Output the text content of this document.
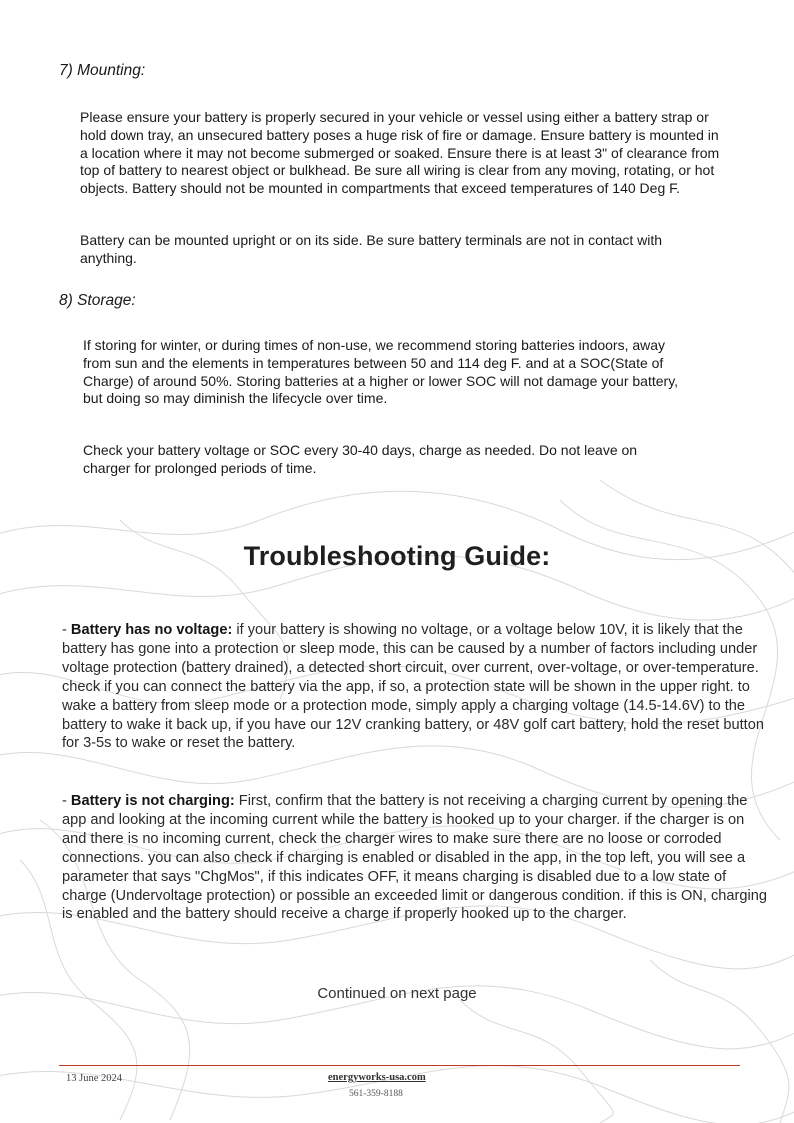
7) Mounting:
Please ensure your battery is properly secured in your vehicle or vessel using either a battery strap or hold down tray, an unsecured battery poses a huge risk of fire or damage. Ensure battery is mounted in a location where it may not become submerged or soaked. Ensure there is at least 3" of clearance from top of battery to nearest object or bulkhead. Be sure all wiring is clear from any moving, rotating, or hot objects. Battery should not be mounted in compartments that exceed temperatures of 140 Deg F.
Battery can be mounted upright or on its side. Be sure battery terminals are not in contact with anything.
8) Storage:
If storing for winter, or during times of non-use, we recommend storing batteries indoors, away from sun and the elements in temperatures between 50 and 114 deg F. and at a SOC(State of Charge) of around 50%. Storing batteries at a higher or lower SOC will not damage your battery, but doing so may diminish the lifecycle over time.
Check your battery voltage or SOC every 30-40 days, charge as needed. Do not leave on charger for prolonged periods of time.
Troubleshooting Guide:
- Battery has no voltage: if your battery is showing no voltage, or a voltage below 10V, it is likely that the battery has gone into a protection or sleep mode, this can be caused by a number of factors including under voltage protection (battery drained), a detected short circuit, over current, over-voltage, or over-temperature. check if you can connect the battery via the app, if so, a protection state will be shown in the upper right. to wake a battery from sleep mode or a protection mode, simply apply a charging voltage (14.5-14.6V) to the battery to wake it back up, if you have our 12V cranking battery, or 48V golf cart battery, hold the reset button for 3-5s to wake or reset the battery.
- Battery is not charging: First, confirm that the battery is not receiving a charging current by opening the app and looking at the incoming current while the battery is hooked up to your charger. if the charger is on and there is no incoming current, check the charger wires to make sure there are no loose or corroded connections. you can also check if charging is enabled or disabled in the app, in the top left, you will see a parameter that says "ChgMos", if this indicates OFF, it means charging is disabled due to a low state of charge (Undervoltage protection) or possible an exceeded limit or dangerous condition. if this is ON, charging is enabled and the battery should receive a charge if properly hooked up to the charger.
Continued on next page
13 June 2024	energyworks-usa.com
561-359-8188
